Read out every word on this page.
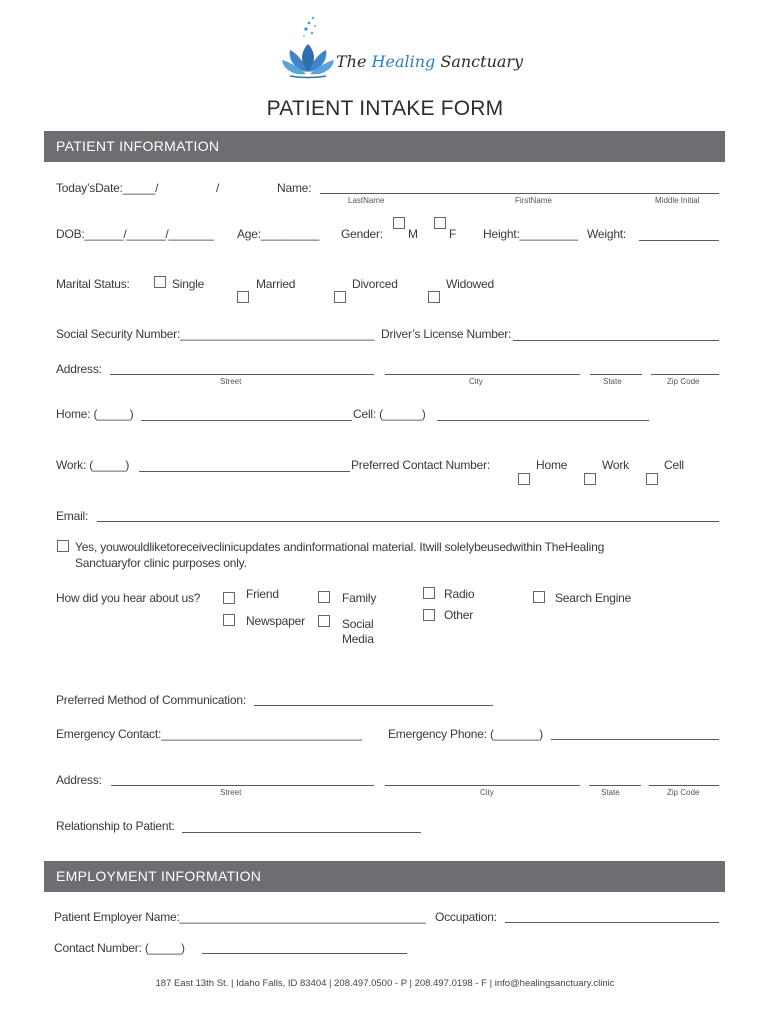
The Healing Sanctuary
PATIENT INTAKE FORM
PATIENT INFORMATION
Today’sDate:_____/	/	Name:
LastName	FirstName	Middle Initial
DOB:______/______/_______ Age:_________ Gender: M	F Height:_________ Weight:
Marital Status:	Single	Married	Divorced	Widowed
Social Security Number:______________________________ Driver’s License Number:
Address:
Street	City	State	Zip Code
Home: (_____)	Cell: (______)
Work: (_____)	Preferred Contact Number:	Home	Work	Cell
Email:
Yes, youwouldliketoreceiveclinicupdates andinformational material. Itwill solelybeusedwithin TheHealing
Sanctuaryfor clinic purposes only.
How did you hear about us?	Friend
Newspaper
Family
Social
Media
Radio
Other
Search Engine
Preferred Method of Communication:
Emergency Contact:_______________________________ Emergency Phone: (_______)
Address:
Street	City	State	Zip Code
Relationship to Patient:
EMPLOYMENT INFORMATION
Patient Employer Name:______________________________________ Occupation:
Contact Number: (_____)
187 East 13th St. | Idaho Falls, ID 83404 | 208.497.0500 - P | 208.497.0198 - F | info@healingsanctuary.clinic
